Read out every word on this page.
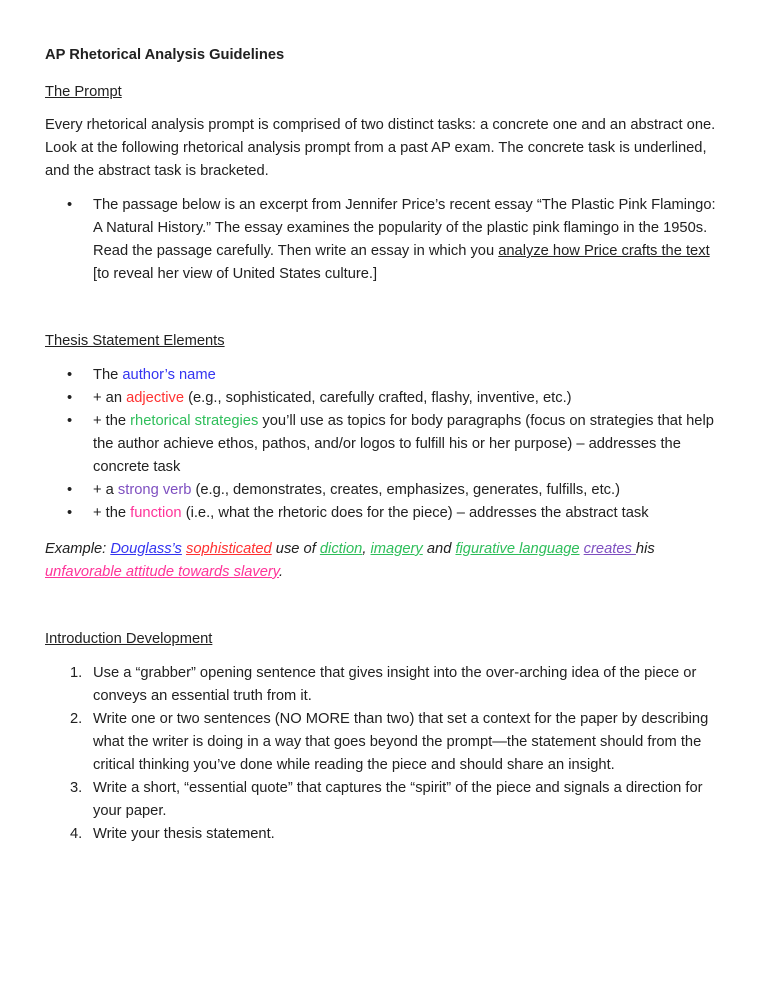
AP Rhetorical Analysis Guidelines

The Prompt

Every rhetorical analysis prompt is comprised of two distinct tasks: a concrete one and an abstract one. Look at the following rhetorical analysis prompt from a past AP exam. The concrete task is underlined, and the abstract task is bracketed.

• The passage below is an excerpt from Jennifer Price’s recent essay “The Plastic Pink Flamingo: A Natural History.” The essay examines the popularity of the plastic pink flamingo in the 1950s. Read the passage carefully. Then write an essay in which you analyze how Price crafts the text [to reveal her view of United States culture.]

Thesis Statement Elements

• The author’s name
• + an adjective (e.g., sophisticated, carefully crafted, flashy, inventive, etc.)
• + the rhetorical strategies you’ll use as topics for body paragraphs (focus on strategies that help the author achieve ethos, pathos, and/or logos to fulfill his or her purpose) – addresses the concrete task
• + a strong verb (e.g., demonstrates, creates, emphasizes, generates, fulfills, etc.)
• + the function (i.e., what the rhetoric does for the piece) – addresses the abstract task

Example: Douglass’s sophisticated use of diction, imagery and figurative language creates his unfavorable attitude towards slavery.

Introduction Development

Use a “grabber” opening sentence that gives insight into the over-arching idea of the piece or conveys an essential truth from it.
Write one or two sentences (NO MORE than two) that set a context for the paper by describing what the writer is doing in a way that goes beyond the prompt—the statement should from the critical thinking you’ve done while reading the piece and should share an insight.
Write a short, “essential quote” that captures the “spirit” of the piece and signals a direction for your paper.
Write your thesis statement.
